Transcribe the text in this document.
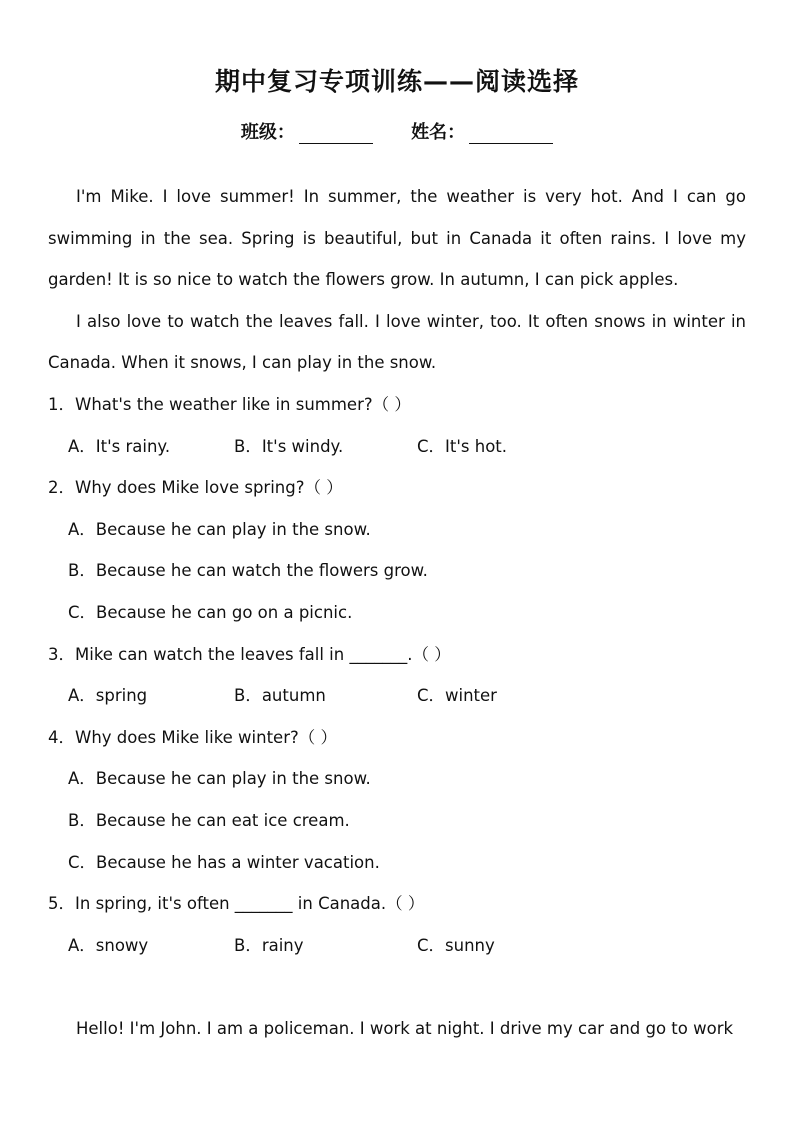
期中复习专项训练——阅读选择
班级：	姓名：

I'm Mike. I love summer! In summer, the weather is very hot. And I can go swimming in the sea. Spring is beautiful, but in Canada it often rains. I love my garden! It is so nice to watch the flowers grow. In autumn, I can pick apples.

I also love to watch the leaves fall. I love winter, too. It often snows in winter in Canada. When it snows, I can play in the snow.

1．What's the weather like in summer?（ ）

A．It's rainy.	B．It's windy.	C．It's hot.

2．Why does Mike love spring?（ ）

A．Because he can play in the snow.

B．Because he can watch the flowers grow.

C．Because he can go on a picnic.

3．Mike can watch the leaves fall in _______.（ ）

A．spring	B．autumn	C．winter

4．Why does Mike like winter?（ ）

A．Because he can play in the snow.

B．Because he can eat ice cream.

C．Because he has a winter vacation.

5．In spring, it's often _______ in Canada.（ ）

A．snowy	B．rainy	C．sunny

Hello! I'm John. I am a policeman. I work at night. I drive my car and go to work
